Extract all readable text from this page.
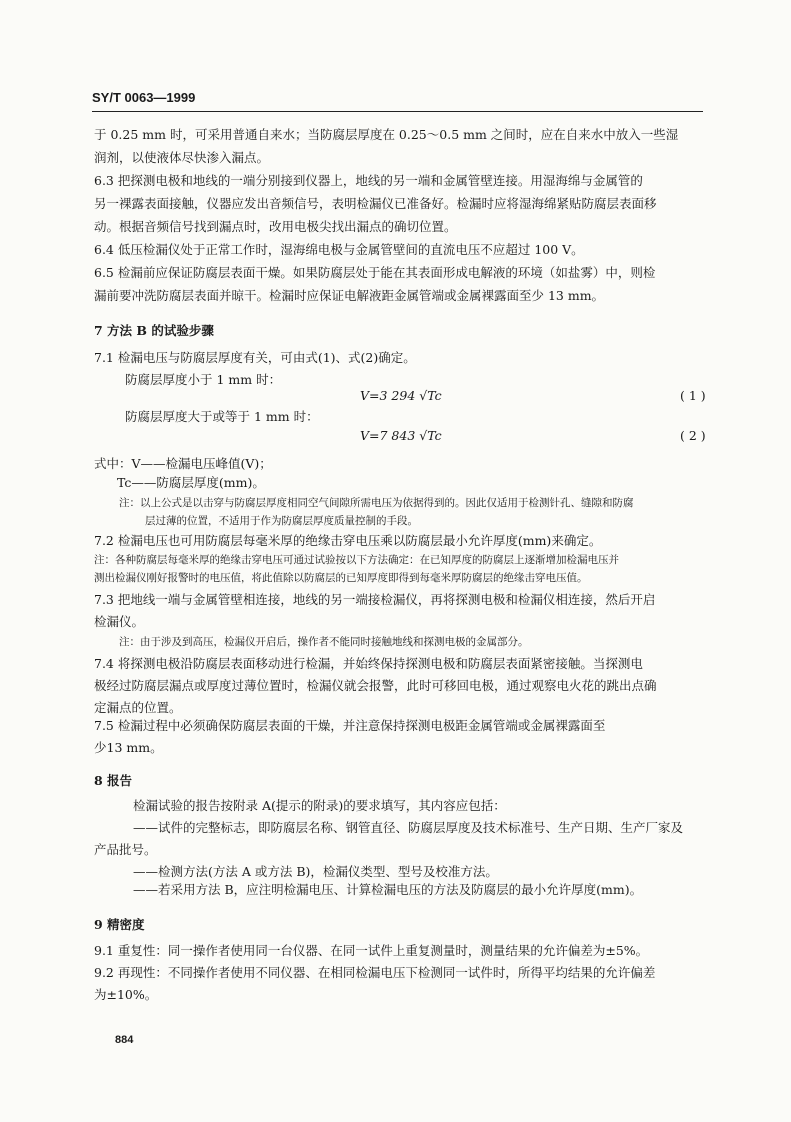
SY/T 0063—1999
于 0.25 mm 时，可采用普通自来水；当防腐层厚度在 0.25～0.5 mm 之间时，应在自来水中放入一些湿
润剂，以使液体尽快渗入漏点。
6.3 把探测电极和地线的一端分别接到仪器上，地线的另一端和金属管壁连接。用湿海绵与金属管的
另一裸露表面接触，仪器应发出音频信号，表明检漏仪已准备好。检漏时应将湿海绵紧贴防腐层表面移
动。根据音频信号找到漏点时，改用电极尖找出漏点的确切位置。
6.4 低压检漏仪处于正常工作时，湿海绵电极与金属管壁间的直流电压不应超过 100 V。
6.5 检漏前应保证防腐层表面干燥。如果防腐层处于能在其表面形成电解液的环境（如盐雾）中，则检
漏前要冲洗防腐层表面并晾干。检漏时应保证电解液距金属管端或金属裸露面至少 13 mm。
7 方法 B 的试验步骤
7.1 检漏电压与防腐层厚度有关，可由式(1)、式(2)确定。
防腐层厚度小于 1 mm 时：
V=3 294 √Tc	( 1 )
防腐层厚度大于或等于 1 mm 时：
V=7 843 √Tc	( 2 )
式中：V——检漏电压峰值(V)；
Tc——防腐层厚度(mm)。
注：以上公式是以击穿与防腐层厚度相同空气间隙所需电压为依据得到的。因此仅适用于检测针孔、缝隙和防腐
层过薄的位置，不适用于作为防腐层厚度质量控制的手段。
7.2 检漏电压也可用防腐层每毫米厚的绝缘击穿电压乘以防腐层最小允许厚度(mm)来确定。
注：各种防腐层每毫米厚的绝缘击穿电压可通过试验按以下方法确定：在已知厚度的防腐层上逐渐增加检漏电压并
测出检漏仪刚好报警时的电压值，将此值除以防腐层的已知厚度即得到每毫米厚防腐层的绝缘击穿电压值。
7.3 把地线一端与金属管壁相连接，地线的另一端接检漏仪，再将探测电极和检漏仪相连接，然后开启
检漏仪。
注：由于涉及到高压，检漏仪开启后，操作者不能同时接触地线和探测电极的金属部分。
7.4 将探测电极沿防腐层表面移动进行检漏，并始终保持探测电极和防腐层表面紧密接触。当探测电
极经过防腐层漏点或厚度过薄位置时，检漏仪就会报警，此时可移回电极，通过观察电火花的跳出点确
定漏点的位置。
7.5 检漏过程中必须确保防腐层表面的干燥，并注意保持探测电极距金属管端或金属裸露面至
少13 mm。
8 报告
检漏试验的报告按附录 A(提示的附录)的要求填写，其内容应包括：
——试件的完整标志，即防腐层名称、钢管直径、防腐层厚度及技术标准号、生产日期、生产厂家及
产品批号。
——检测方法(方法 A 或方法 B)，检漏仪类型、型号及校准方法。
——若采用方法 B，应注明检漏电压、计算检漏电压的方法及防腐层的最小允许厚度(mm)。
9 精密度
9.1 重复性：同一操作者使用同一台仪器、在同一试件上重复测量时，测量结果的允许偏差为±5%。
9.2 再现性：不同操作者使用不同仪器、在相同检漏电压下检测同一试件时，所得平均结果的允许偏差
为±10%。
884
